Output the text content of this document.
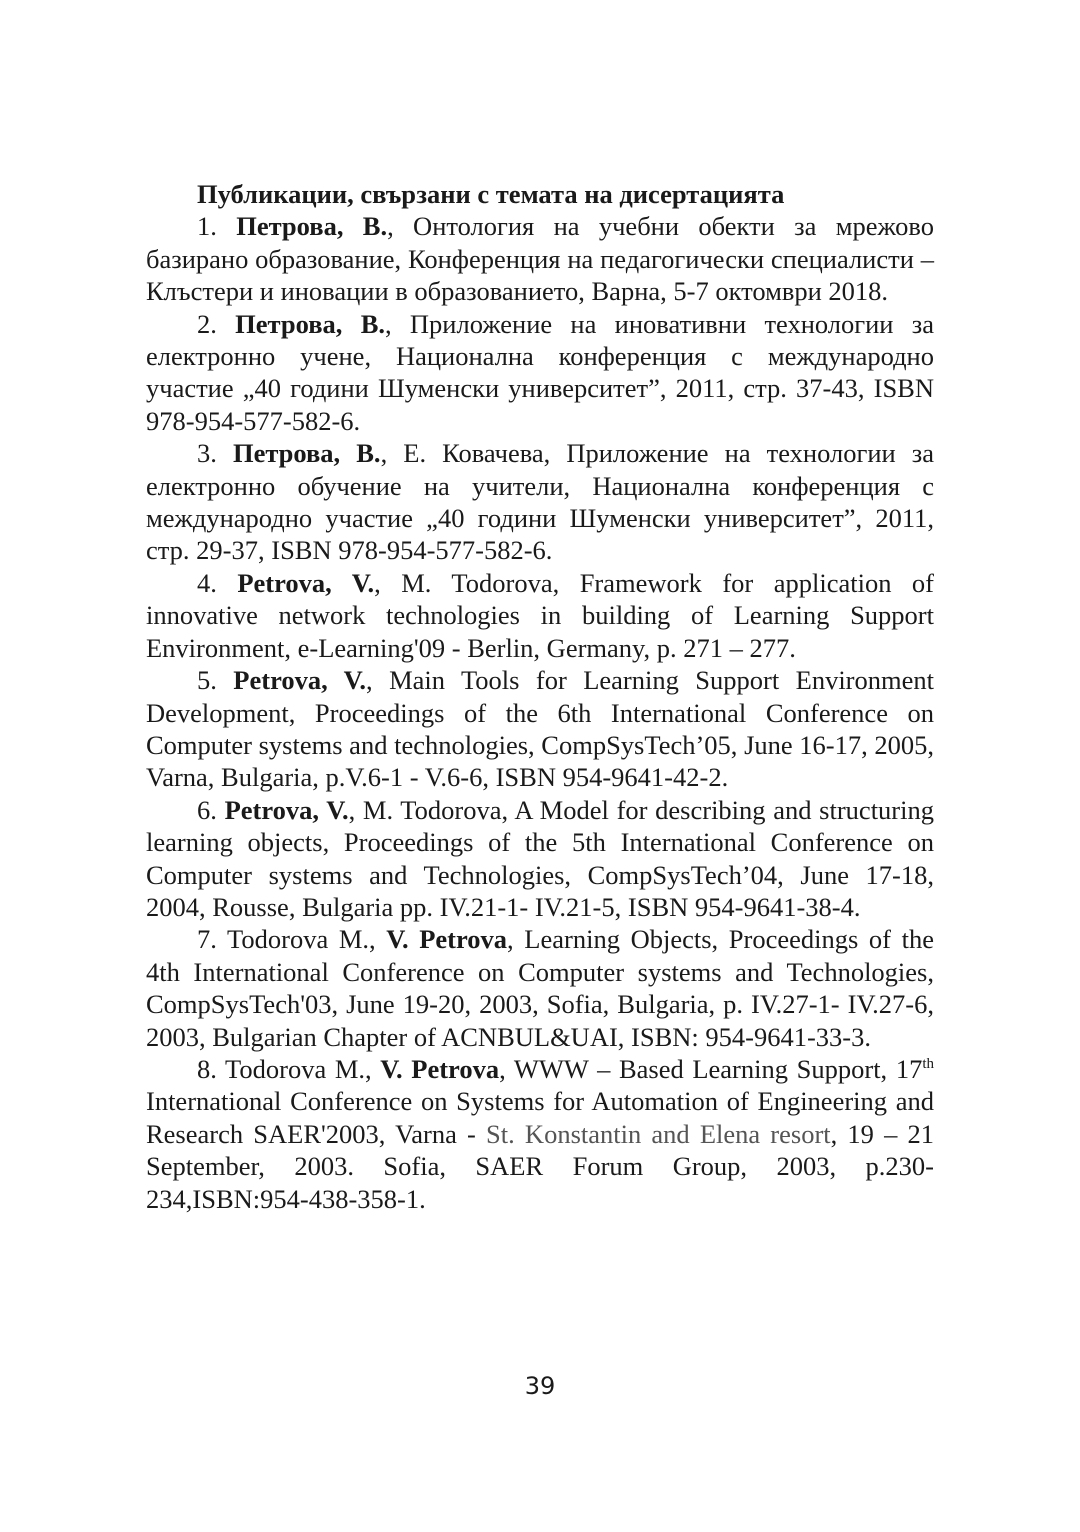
Публикации, свързани с темата на дисертацията

1. Петрова, В., Онтология на учебни обекти за мрежово базирано образование, Конференция на педагогически специалисти – Клъстери и иновации в образованието, Варна, 5-7 октомври 2018.

2. Петрова, В., Приложение на иновативни технологии за електронно учене, Национална конференция с международно участие „40 години Шуменски университет”, 2011, стр. 37-43, ISBN 978-954-577-582-6.

3. Петрова, В., Е. Ковачева, Приложение на технологии за електронно обучение на учители, Национална конференция с международно участие „40 години Шуменски университет”, 2011, стр. 29-37, ISBN 978-954-577-582-6.

4. Petrova, V., M. Todorova, Framework for application of innovative network technologies in building of Learning Support Environment, e-Learning'09 - Berlin, Germany, p. 271 – 277.

5. Petrova, V., Main Tools for Learning Support Environment Development, Proceedings of the 6th International Conference on Computer systems and technologies, CompSysTech’05, June 16-17, 2005, Varna, Bulgaria, p.V.6-1 - V.6-6, ISBN 954-9641-42-2.

6. Petrova, V., M. Todorova, A Model for describing and structuring learning objects, Proceedings of the 5th International Conference on Computer systems and Technologies, CompSysTech’04, June 17-18, 2004, Rousse, Bulgaria pp. IV.21-1- IV.21-5, ISBN 954-9641-38-4.

7. Todorova M., V. Petrova, Learning Objects, Proceedings of the 4th International Conference on Computer systems and Technologies, CompSysTech'03, June 19-20, 2003, Sofia, Bulgaria, p. IV.27-1- IV.27-6, 2003, Bulgarian Chapter of ACNBUL&UAI, ISBN: 954-9641-33-3.

8. Todorova M., V. Petrova, WWW – Based Learning Support, 17th International Conference on Systems for Automation of Engineering and Research SAER'2003, Varna - St. Konstantin and Elena resort, 19 – 21 September, 2003. Sofia, SAER Forum Group, 2003, p.230-234,ISBN:954-438-358-1.

39
